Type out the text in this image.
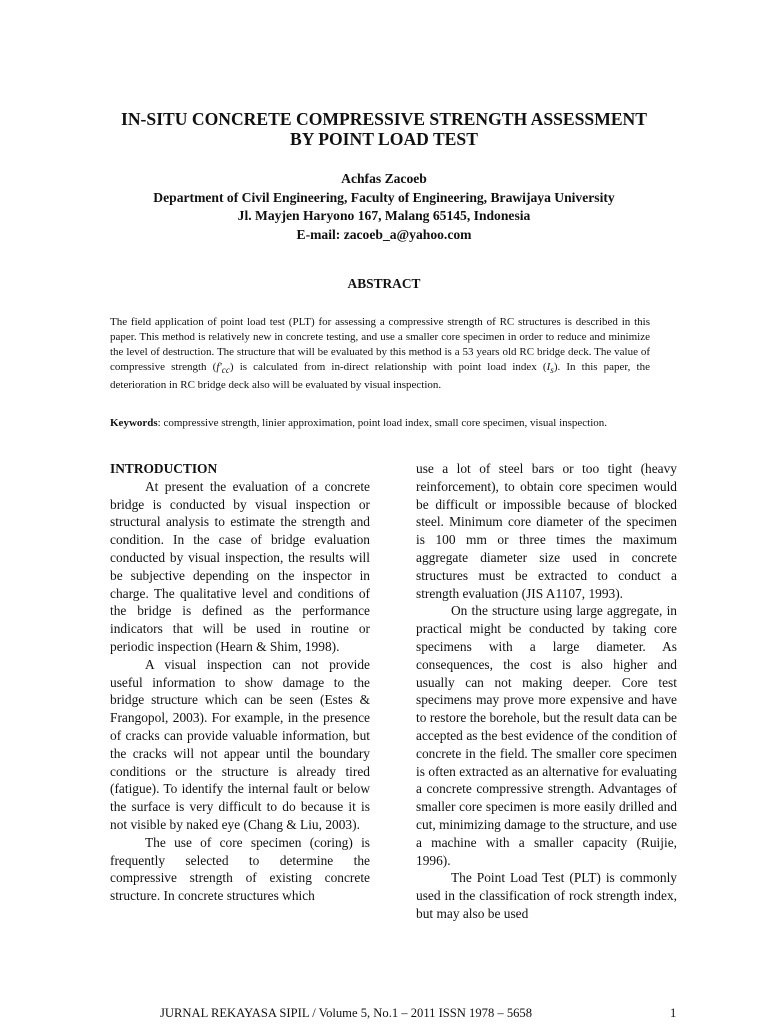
IN-SITU CONCRETE COMPRESSIVE STRENGTH ASSESSMENT
BY POINT LOAD TEST
Achfas Zacoeb
Department of Civil Engineering, Faculty of Engineering, Brawijaya University
Jl. Mayjen Haryono 167, Malang 65145, Indonesia
E-mail: zacoeb_a@yahoo.com
ABSTRACT
The field application of point load test (PLT) for assessing a compressive strength of RC structures is described in this paper. This method is relatively new in concrete testing, and use a smaller core specimen in order to reduce and minimize the level of destruction. The structure that will be evaluated by this method is a 53 years old RC bridge deck. The value of compressive strength $(f'_{cc})$ is calculated from in-direct relationship with point load index $(I_s)$. In this paper, the deterioration in RC bridge deck also will be evaluated by visual inspection.
Keywords: compressive strength, linier approximation, point load index, small core specimen, visual inspection.
INTRODUCTION

At present the evaluation of a concrete bridge is conducted by visual inspection or structural analysis to estimate the strength and condition. In the case of bridge evaluation conducted by visual inspection, the results will be subjective depending on the inspector in charge. The qualitative level and conditions of the bridge is defined as the performance indicators that will be used in routine or periodic inspection (Hearn & Shim, 1998).

A visual inspection can not provide useful information to show damage to the bridge structure which can be seen (Estes & Frangopol, 2003). For example, in the presence of cracks can provide valuable information, but the cracks will not appear until the boundary conditions or the structure is already tired (fatigue). To identify the internal fault or below the surface is very difficult to do because it is not visible by naked eye (Chang & Liu, 2003).

The use of core specimen (coring) is frequently selected to determine the compressive strength of existing concrete structure. In concrete structures which

use a lot of steel bars or too tight (heavy reinforcement), to obtain core specimen would be difficult or impossible because of blocked steel. Minimum core diameter of the specimen is 100 mm or three times the maximum aggregate diameter size used in concrete structures must be extracted to conduct a strength evaluation (JIS A1107, 1993).

On the structure using large aggregate, in practical might be conducted by taking core specimens with a large diameter. As consequences, the cost is also higher and usually can not making deeper. Core test specimens may prove more expensive and have to restore the borehole, but the result data can be accepted as the best evidence of the condition of concrete in the field. The smaller core specimen is often extracted as an alternative for evaluating a concrete compressive strength. Advantages of smaller core specimen is more easily drilled and cut, minimizing damage to the structure, and use a machine with a smaller capacity (Ruijie, 1996).

The Point Load Test (PLT) is commonly used in the classification of rock strength index, but may also be used

JURNAL REKAYASA SIPIL / Volume 5, No.1 – 2011 ISSN 1978 – 5658	1
